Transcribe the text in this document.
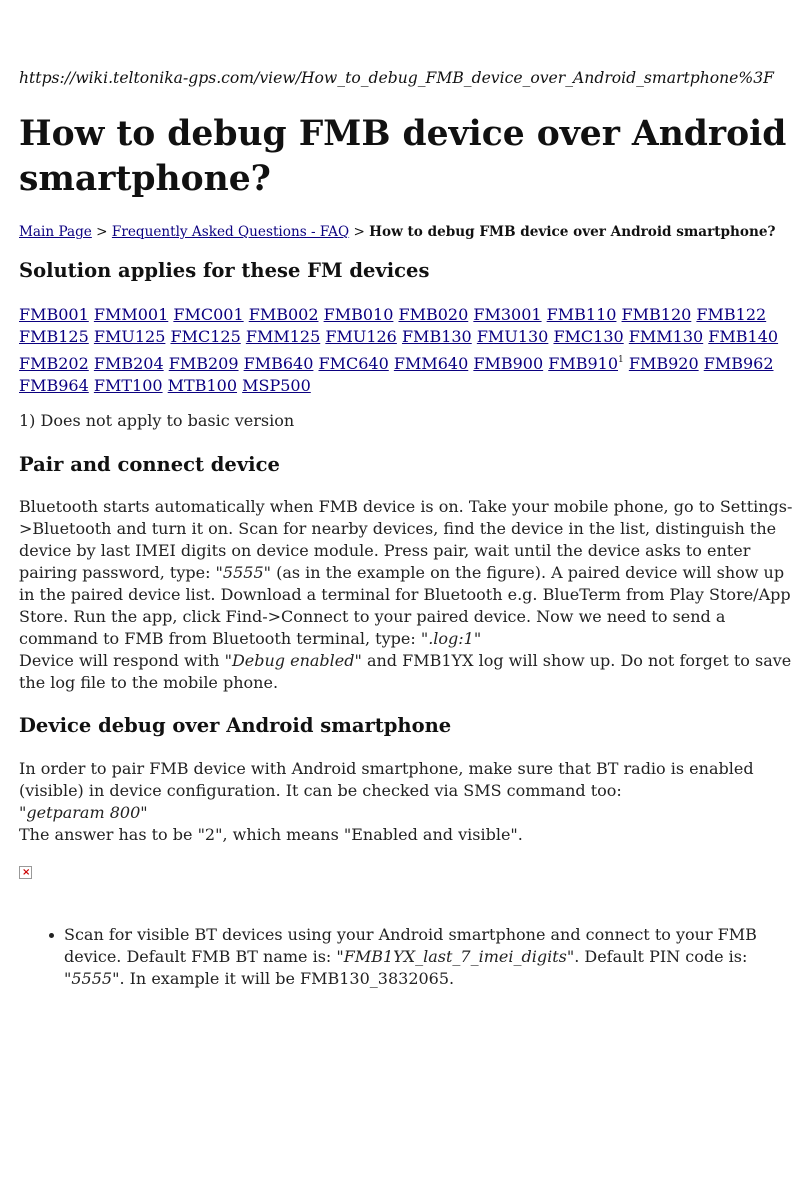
https://wiki.teltonika-gps.com/view/How_to_debug_FMB_device_over_Android_smartphone%3F

How to debug FMB device over Android smartphone?

Main Page > Frequently Asked Questions - FAQ > How to debug FMB device over Android smartphone?

Solution applies for these FM devices

FMB001 FMM001 FMC001 FMB002 FMB010 FMB020 FM3001 FMB110 FMB120 FMB122 FMB125 FMU125 FMC125 FMM125 FMU126 FMB130 FMU130 FMC130 FMM130 FMB140 FMB202 FMB204 FMB209 FMB640 FMC640 FMM640 FMB900 $FMB910^1$ FMB920 FMB962 FMB964 FMT100 MTB100 MSP500

1) Does not apply to basic version

Pair and connect device

Bluetooth starts automatically when FMB device is on. Take your mobile phone, go to Settings->Bluetooth and turn it on. Scan for nearby devices, find the device in the list, distinguish the device by last IMEI digits on device module. Press pair, wait until the device asks to enter pairing password, type: "5555" (as in the example on the figure). A paired device will show up in the paired device list. Download a terminal for Bluetooth e.g. BlueTerm from Play Store/App Store. Run the app, click Find->Connect to your paired device. Now we need to send a command to FMB from Bluetooth terminal, type: ".log:1"
Device will respond with "Debug enabled" and FMB1YX log will show up. Do not forget to save the log file to the mobile phone.

Device debug over Android smartphone

In order to pair FMB device with Android smartphone, make sure that BT radio is enabled (visible) in device configuration. It can be checked via SMS command too:
"getparam 800"
The answer has to be "2", which means "Enabled and visible".

×
Scan for visible BT devices using your Android smartphone and connect to your FMB device. Default FMB BT name is: "FMB1YX_last_7_imei_digits". Default PIN code is: "5555". In example it will be FMB130_3832065.
